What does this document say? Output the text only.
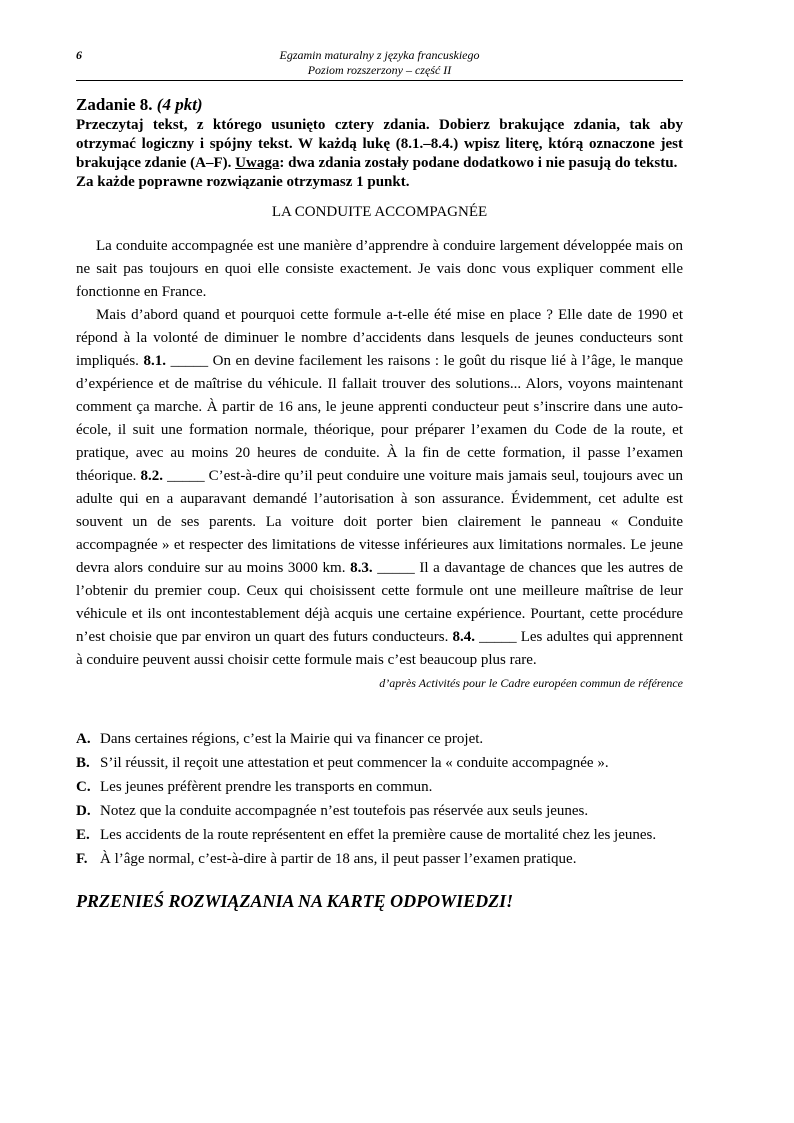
6	Egzamin maturalny z języka francuskiego
Poziom rozszerzony – część II
Zadanie 8. (4 pkt)
Przeczytaj tekst, z którego usunięto cztery zdania. Dobierz brakujące zdania, tak aby otrzymać logiczny i spójny tekst. W każdą lukę (8.1.–8.4.) wpisz literę, którą oznaczone jest brakujące zdanie (A–F). Uwaga: dwa zdania zostały podane dodatkowo i nie pasują do tekstu.
Za każde poprawne rozwiązanie otrzymasz 1 punkt.
LA CONDUITE ACCOMPAGNÉE

La conduite accompagnée est une manière d’apprendre à conduire largement développée mais on ne sait pas toujours en quoi elle consiste exactement. Je vais donc vous expliquer comment elle fonctionne en France.

Mais d’abord quand et pourquoi cette formule a-t-elle été mise en place ? Elle date de 1990 et répond à la volonté de diminuer le nombre d’accidents dans lesquels de jeunes conducteurs sont impliqués. 8.1. _____ On en devine facilement les raisons : le goût du risque lié à l’âge, le manque d’expérience et de maîtrise du véhicule. Il fallait trouver des solutions... Alors, voyons maintenant comment ça marche. À partir de 16 ans, le jeune apprenti conducteur peut s’inscrire dans une auto-école, il suit une formation normale, théorique, pour préparer l’examen du Code de la route, et pratique, avec au moins 20 heures de conduite. À la fin de cette formation, il passe l’examen théorique. 8.2. _____ C’est-à-dire qu’il peut conduire une voiture mais jamais seul, toujours avec un adulte qui en a auparavant demandé l’autorisation à son assurance. Évidemment, cet adulte est souvent un de ses parents. La voiture doit porter bien clairement le panneau « Conduite accompagnée » et respecter des limitations de vitesse inférieures aux limitations normales. Le jeune devra alors conduire sur au moins 3000 km. 8.3. _____ Il a davantage de chances que les autres de l’obtenir du premier coup. Ceux qui choisissent cette formule ont une meilleure maîtrise de leur véhicule et ils ont incontestablement déjà acquis une certaine expérience. Pourtant, cette procédure n’est choisie que par environ un quart des futurs conducteurs. 8.4. _____ Les adultes qui apprennent à conduire peuvent aussi choisir cette formule mais c’est beaucoup plus rare.

d’après Activités pour le Cadre européen commun de référence
A. Dans certaines régions, c’est la Mairie qui va financer ce projet.
B. S’il réussit, il reçoit une attestation et peut commencer la « conduite accompagnée ».
C. Les jeunes préfèrent prendre les transports en commun.
D. Notez que la conduite accompagnée n’est toutefois pas réservée aux seuls jeunes.
E. Les accidents de la route représentent en effet la première cause de mortalité chez les jeunes.
F. À l’âge normal, c’est-à-dire à partir de 18 ans, il peut passer l’examen pratique.
PRZENIEŚ ROZWIĄZANIA NA KARTĘ ODPOWIEDZI!
